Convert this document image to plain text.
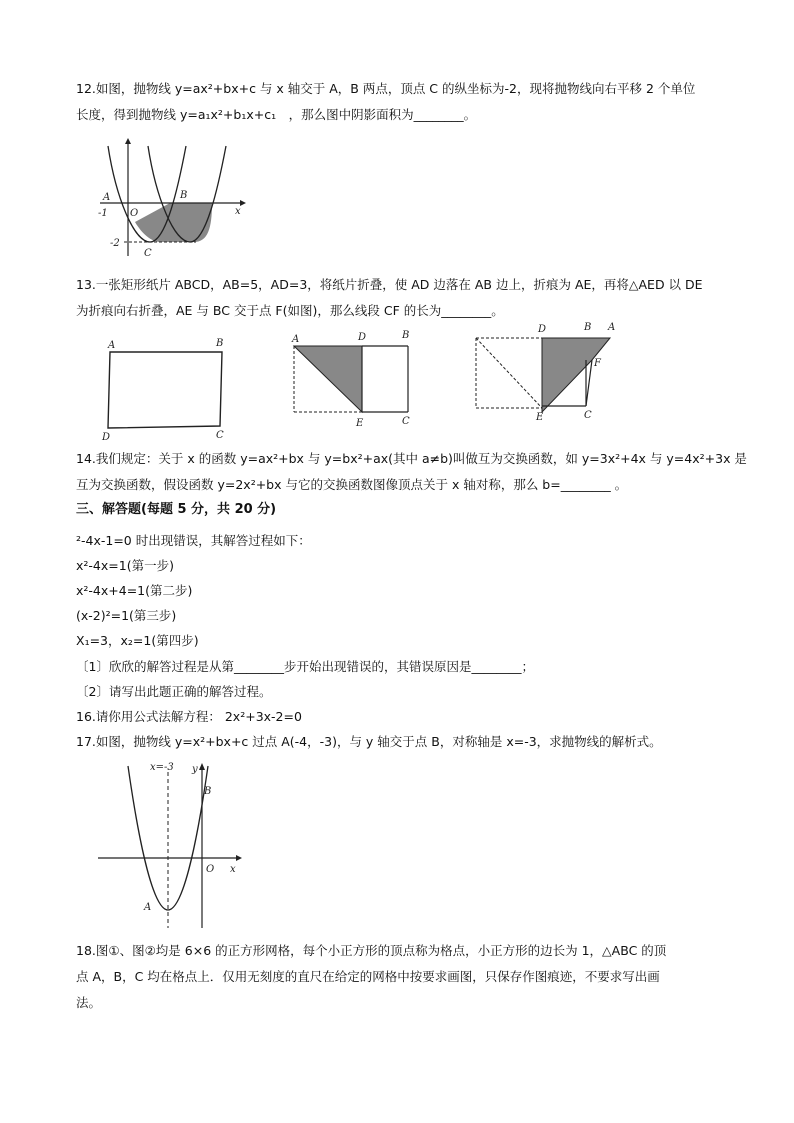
12.如图，抛物线 y=ax²+bx+c 与 x 轴交于 A，B 两点，顶点 C 的纵坐标为-2，现将抛物线向右平移 2 个单位
长度，得到抛物线 y=a₁x²+b₁x+c₁　，那么图中阴影面积为________。
A	B
O	x
-1
-2
C
13.一张矩形纸片 ABCD，AB=5，AD=3，将纸片折叠，使 AD 边落在 AB 边上，折痕为 AE，再将△AED 以 DE
为折痕向右折叠，AE 与 BC 交于点 F(如图)，那么线段 CF 的长为________。
A	B
C
D
A	D	B
E	C
D	B A
F
E	C
14.我们规定：关于 x 的函数 y=ax²+bx 与 y=bx²+ax(其中 a≠b)叫做互为交换函数，如 y=3x²+4x 与 y=4x²+3x 是
互为交换函数，假设函数 y=2x²+bx 与它的交换函数图像顶点关于 x 轴对称，那么 b=________ 。
三、解答题(每题 5 分，共 20 分)
²-4x-1=0 时出现错误，其解答过程如下：
x²-4x=1(第一步)
x²-4x+4=1(第二步)
(x-2)²=1(第三步)
X₁=3，x₂=1(第四步)
〔1〕欣欣的解答过程是从第________步开始出现错误的，其错误原因是________；
〔2〕请写出此题正确的解答过程。
16.请你用公式法解方程： 2x²+3x-2=0
17.如图，抛物线 y=x²+bx+c 过点 A(-4，-3)，与 y 轴交于点 B，对称轴是 x=-3，求抛物线的解析式。
x=-3 y
B
O x
A
18.图①、图②均是 6×6 的正方形网格，每个小正方形的顶点称为格点，小正方形的边长为 1，△ABC 的顶
点 A，B，C 均在格点上．仅用无刻度的直尺在给定的网格中按要求画图，只保存作图痕迹，不要求写出画
法。
